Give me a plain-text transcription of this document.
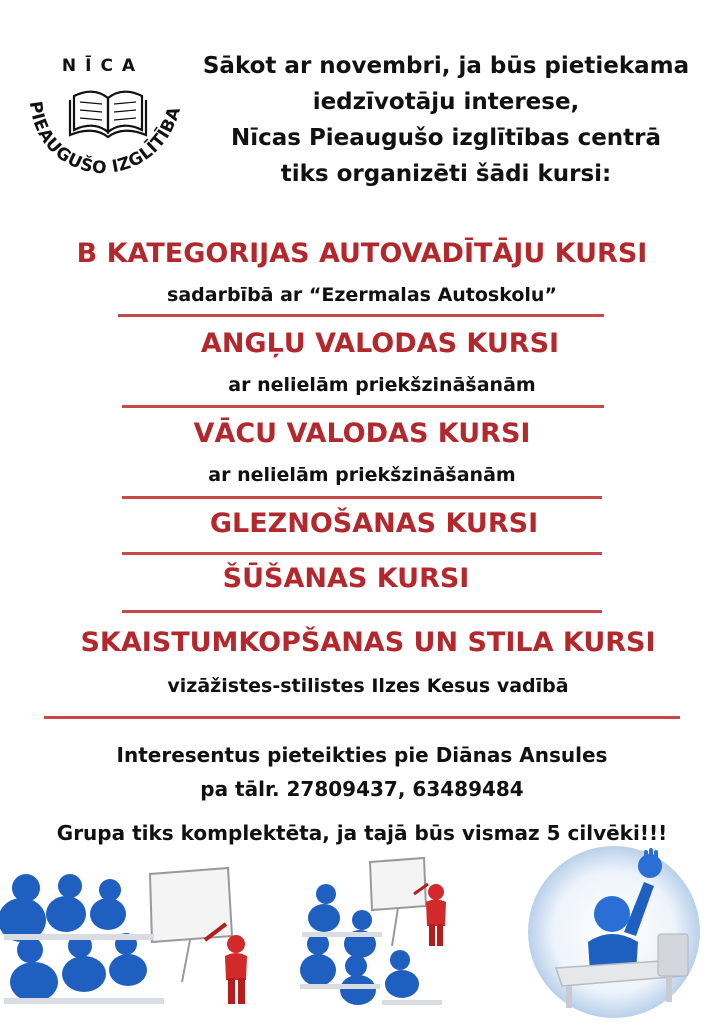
NĪCA
PIEAUGUŠO IZGLĪTĪBA
Sākot ar novembri, ja būs pietiekama
iedzīvotāju interese,
Nīcas Pieaugušo izglītības centrā
tiks organizēti šādi kursi:
B KATEGORIJAS AUTOVADĪTĀJU KURSI
sadarbībā ar “Ezermalas Autoskolu”
ANGĻU VALODAS KURSI
ar nelielām priekšzināšanām
VĀCU VALODAS KURSI
ar nelielām priekšzināšanām
GLEZNOŠANAS KURSI
ŠŪŠANAS KURSI
SKAISTUMKOPŠANAS UN STILA KURSI
vizāžistes-stilistes Ilzes Kesus vadībā
Interesentus pieteikties pie Diānas Ansules
pa tālr. 27809437, 63489484
Grupa tiks komplektēta, ja tajā būs vismaz 5 cilvēki!!!
